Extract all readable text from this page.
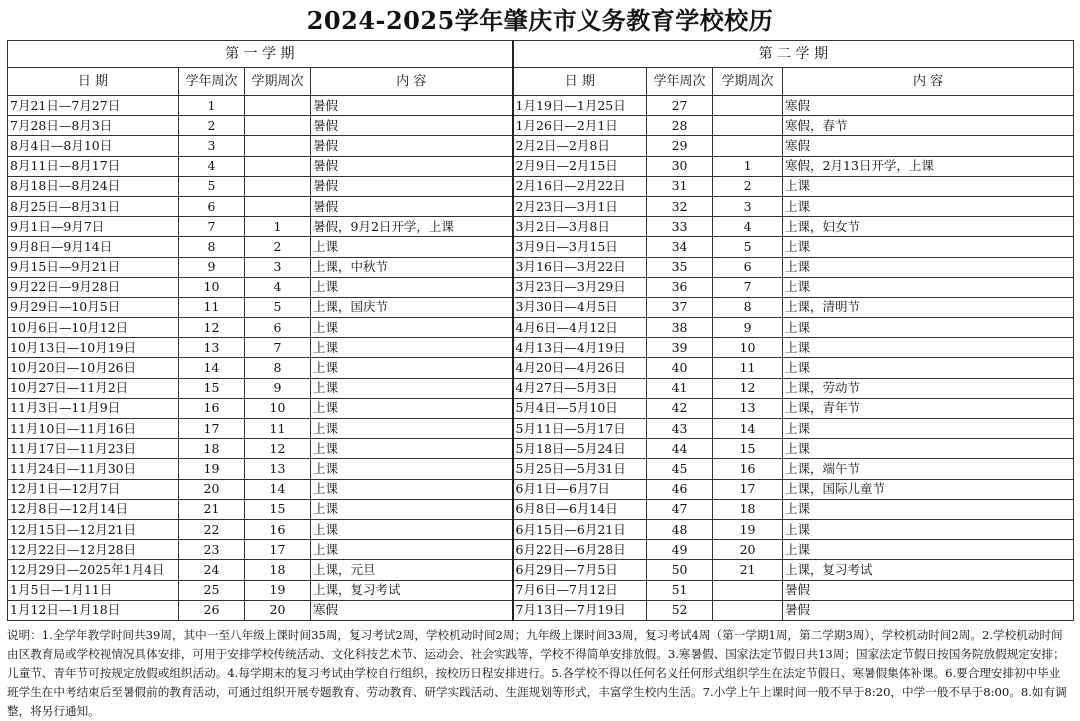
2024-2025学年肇庆市义务教育学校校历
第 一 学 期				第 二 学 期			
日 期	学年周次	学期周次	内 容	日 期	学年周次	学期周次	内 容
7月21日—7月27日	1		暑假	1月19日—1月25日	27		寒假
7月28日—8月3日	2		暑假	1月26日—2月1日	28		寒假，春节
8月4日—8月10日	3		暑假	2月2日—2月8日	29		寒假
8月11日—8月17日	4		暑假	2月9日—2月15日	30	1	寒假，2月13日开学，上课
8月18日—8月24日	5		暑假	2月16日—2月22日	31	2	上课
8月25日—8月31日	6		暑假	2月23日—3月1日	32	3	上课
9月1日—9月7日	7	1	暑假，9月2日开学，上课	3月2日—3月8日	33	4	上课，妇女节
9月8日—9月14日	8	2	上课	3月9日—3月15日	34	5	上课
9月15日—9月21日	9	3	上课，中秋节	3月16日—3月22日	35	6	上课
9月22日—9月28日	10	4	上课	3月23日—3月29日	36	7	上课
9月29日—10月5日	11	5	上课，国庆节	3月30日—4月5日	37	8	上课，清明节
10月6日—10月12日	12	6	上课	4月6日—4月12日	38	9	上课
10月13日—10月19日	13	7	上课	4月13日—4月19日	39	10	上课
10月20日—10月26日	14	8	上课	4月20日—4月26日	40	11	上课
10月27日—11月2日	15	9	上课	4月27日—5月3日	41	12	上课，劳动节
11月3日—11月9日	16	10	上课	5月4日—5月10日	42	13	上课，青年节
11月10日—11月16日	17	11	上课	5月11日—5月17日	43	14	上课
11月17日—11月23日	18	12	上课	5月18日—5月24日	44	15	上课
11月24日—11月30日	19	13	上课	5月25日—5月31日	45	16	上课，端午节
12月1日—12月7日	20	14	上课	6月1日—6月7日	46	17	上课，国际儿童节
12月8日—12月14日	21	15	上课	6月8日—6月14日	47	18	上课
12月15日—12月21日	22	16	上课	6月15日—6月21日	48	19	上课
12月22日—12月28日	23	17	上课	6月22日—6月28日	49	20	上课
12月29日—2025年1月4日	24	18	上课，元旦	6月29日—7月5日	50	21	上课，复习考试
1月5日—1月11日	25	19	上课，复习考试	7月6日—7月12日	51		暑假
1月12日—1月18日	26	20	寒假	7月13日—7月19日	52		暑假
说明：1.全学年教学时间共39周，其中一至八年级上课时间35周，复习考试2周，学校机动时间2周；九年级上课时间33周，复习考试4周（第一学期1周，第二学期3周），学校机动时间2周。2.学校机动时间由区教育局或学校视情况具体安排，可用于安排学校传统活动、文化科技艺术节、运动会、社会实践等，学校不得简单安排放假。3.寒暑假、国家法定节假日共13周；国家法定节假日按国务院放假规定安排；儿童节、青年节可按规定放假或组织活动。4.每学期末的复习考试由学校自行组织，按校历日程安排进行。5.各学校不得以任何名义任何形式组织学生在法定节假日、寒暑假集体补课。6.要合理安排初中毕业班学生在中考结束后至暑假前的教育活动，可通过组织开展专题教育、劳动教育、研学实践活动、生涯规划等形式，丰富学生校内生活。7.小学上午上课时间一般不早于8:20，中学一般不早于8:00。8.如有调整，将另行通知。
